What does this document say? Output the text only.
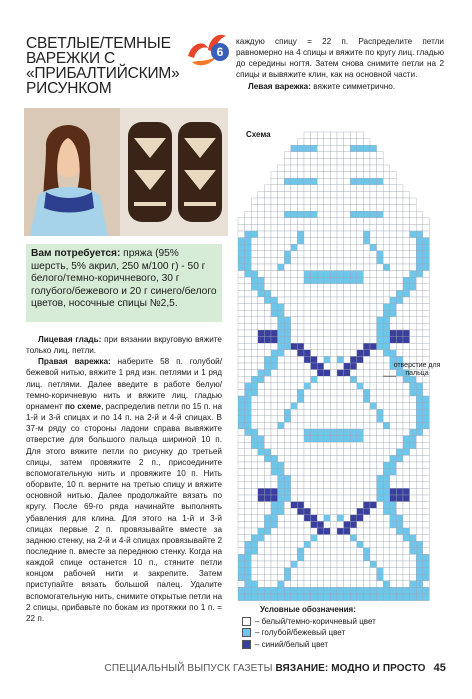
СВЕТЛЫЕ/ТЕМНЫЕ ВАРЕЖКИ С «ПРИБАЛТИЙСКИМ» РИСУНКОМ
6
Вам потребуется: пряжа (95% шерсть, 5% акрил, 250 м/100 г) - 50 г белого/темно-коричневого, 30 г голубого/бежевого и 20 г синего/белого цветов, носочные спицы №2,5.

Лицевая гладь: при вязании вкруговую вяжите только лиц. петли.

Правая варежка: наберите 58 п. голубой/бежевой нитью, вяжите 1 ряд изн. петлями и 1 ряд лиц. петлями. Далее введите в работе белую/темно-коричневую нить и вяжите лиц. гладью орнамент по схеме, распределив петли по 15 п. на 1-й и 3-й спицах и по 14 п. на 2-й и 4-й спицах. В 37-м ряду со стороны ладони справа вывяжите отверстие для большого пальца шириной 10 п. Для этого вяжите петли по рисунку до третьей спицы, затем провяжите 2 п., присоедините вспомогательную нить и провяжите 10 п. Нить оборвите, 10 п. верните на третью спицу и вяжите основной нитью. Далее продолжайте вязать по кругу. После 69-го ряда начинайте выполнять убавления для клина. Для этого на 1-й и 3-й спицах первые 2 п. провязывайте вместе за заднюю стенку, на 2-й и 4-й спицах провязывайте 2 последние п. вместе за переднюю стенку. Когда на каждой спице останется 10 п., стяните петли концом рабочей нити и закрепите. Затем приступайте вязать большой палец. Удалите вспомогательную нить, снимите открытые петли на 2 спицы, прибавьте по бокам из протяжки по 1 п. = 22 п.

каждую спицу = 22 п. Распределите петли равномерно на 4 спицы и вяжите по кругу лиц. гладью до середины ногтя. Затем снова снимите петли на 2 спицы и вывяжите клин, как на основной части.

Левая варежка: вяжите симметрично.

Схема
отверстие для пальца
Условные обозначения:
– белый/темно-коричневый цвет
– голубой/бежевый цвет
– синий/белый цвет
СПЕЦИАЛЬНЫЙ ВЫПУСК ГАЗЕТЫ ВЯЗАНИЕ: МОДНО И ПРОСТО 45
